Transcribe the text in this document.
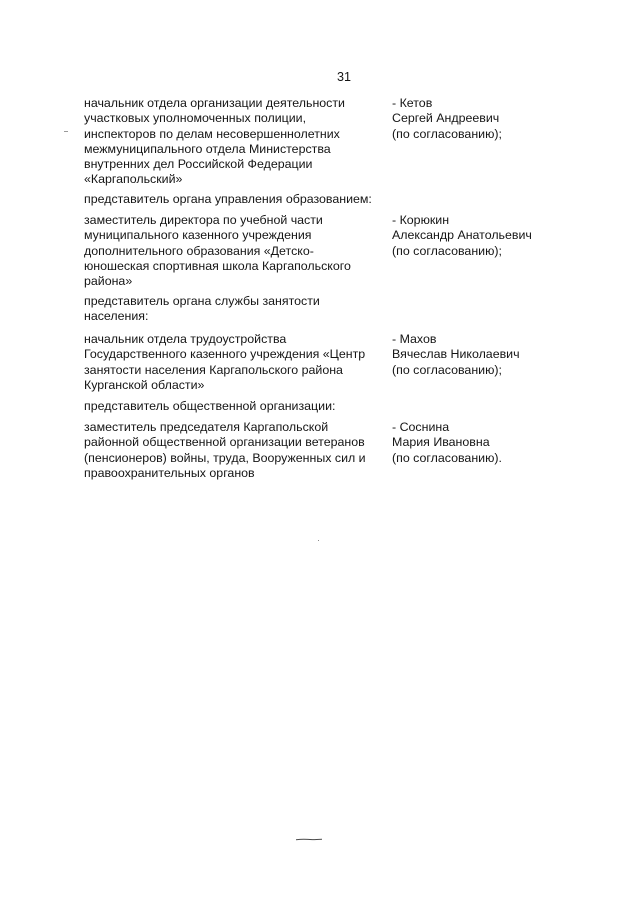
31
начальник отдела организации деятельности
участковых уполномоченных полиции,
инспекторов по делам несовершеннолетних
межмуниципального отдела Министерства
внутренних дел Российской Федерации
«Каргапольский»
- Кетов
Сергей Андреевич
(по согласованию);
представитель органа управления образованием:
заместитель директора по учебной части
муниципального казенного учреждения
дополнительного образования «Детско-
юношеская спортивная школа Каргапольского
района»
- Корюкин
Александр Анатольевич
(по согласованию);
представитель органа службы занятости
населения:
начальник отдела трудоустройства
Государственного казенного учреждения «Центр
занятости населения Каргапольского района
Курганской области»
- Махов
Вячеслав Николаевич
(по согласованию);
представитель общественной организации:
заместитель председателя Каргапольской
районной общественной организации ветеранов
(пенсионеров) войны, труда, Вооруженных сил и
правоохранительных органов
- Соснина
Мария Ивановна
(по согласованию).
